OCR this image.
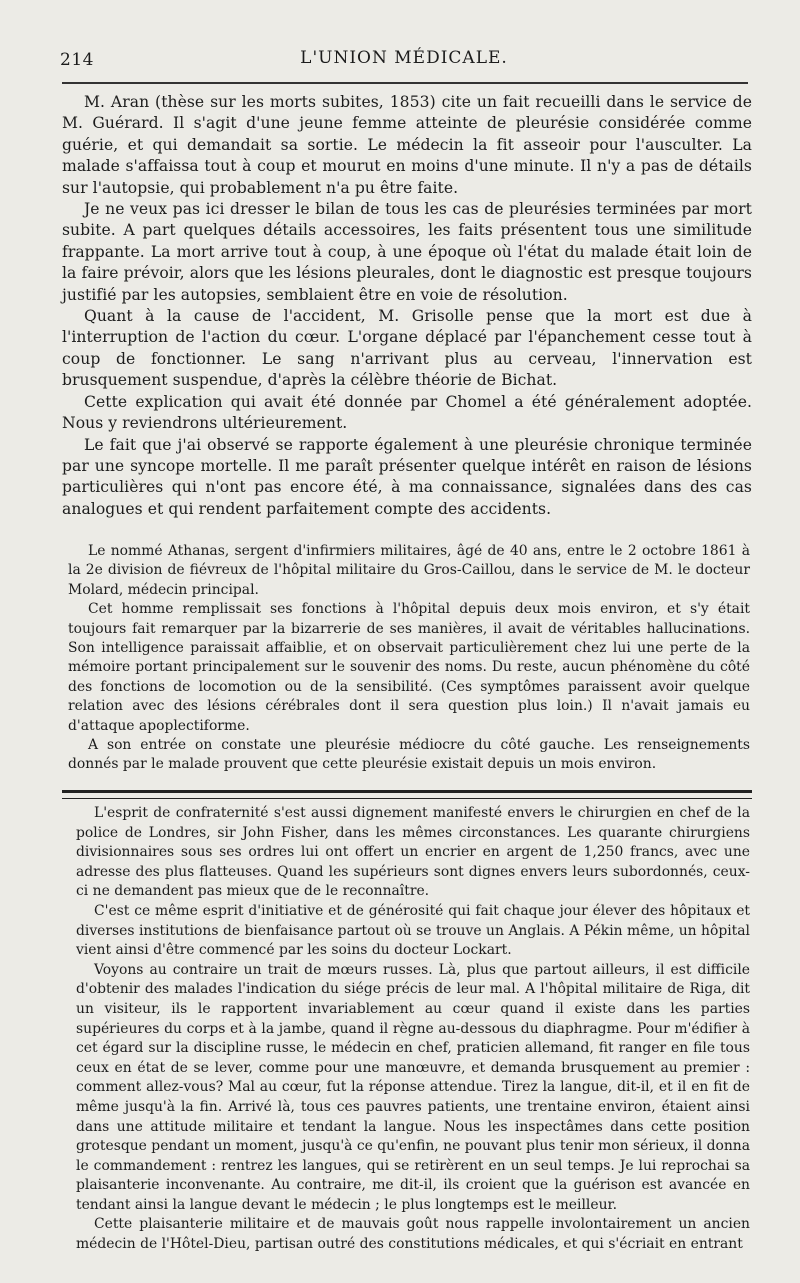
214	L'UNION MÉDICALE.

M. Aran (thèse sur les morts subites, 1853) cite un fait recueilli dans le service de M. Guérard. Il s'agit d'une jeune femme atteinte de pleurésie considérée comme guérie, et qui demandait sa sortie. Le médecin la fit asseoir pour l'ausculter. La malade s'affaissa tout à coup et mourut en moins d'une minute. Il n'y a pas de détails sur l'autopsie, qui probablement n'a pu être faite.

Je ne veux pas ici dresser le bilan de tous les cas de pleurésies terminées par mort subite. A part quelques détails accessoires, les faits présentent tous une similitude frappante. La mort arrive tout à coup, à une époque où l'état du malade était loin de la faire prévoir, alors que les lésions pleurales, dont le diagnostic est presque toujours justifié par les autopsies, semblaient être en voie de résolution.

Quant à la cause de l'accident, M. Grisolle pense que la mort est due à l'interruption de l'action du cœur. L'organe déplacé par l'épanchement cesse tout à coup de fonctionner. Le sang n'arrivant plus au cerveau, l'innervation est brusquement suspendue, d'après la célèbre théorie de Bichat.

Cette explication qui avait été donnée par Chomel a été généralement adoptée. Nous y reviendrons ultérieurement.

Le fait que j'ai observé se rapporte également à une pleurésie chronique terminée par une syncope mortelle. Il me paraît présenter quelque intérêt en raison de lésions particulières qui n'ont pas encore été, à ma connaissance, signalées dans des cas analogues et qui rendent parfaitement compte des accidents.

Le nommé Athanas, sergent d'infirmiers militaires, âgé de 40 ans, entre le 2 octobre 1861 à la 2e division de fiévreux de l'hôpital militaire du Gros-Caillou, dans le service de M. le docteur Molard, médecin principal.

Cet homme remplissait ses fonctions à l'hôpital depuis deux mois environ, et s'y était toujours fait remarquer par la bizarrerie de ses manières, il avait de véritables hallucinations. Son intelligence paraissait affaiblie, et on observait particulièrement chez lui une perte de la mémoire portant principalement sur le souvenir des noms. Du reste, aucun phénomène du côté des fonctions de locomotion ou de la sensibilité. (Ces symptômes paraissent avoir quelque relation avec des lésions cérébrales dont il sera question plus loin.) Il n'avait jamais eu d'attaque apoplectiforme.

A son entrée on constate une pleurésie médiocre du côté gauche. Les renseignements donnés par le malade prouvent que cette pleurésie existait depuis un mois environ.

L'esprit de confraternité s'est aussi dignement manifesté envers le chirurgien en chef de la police de Londres, sir John Fisher, dans les mêmes circonstances. Les quarante chirurgiens divisionnaires sous ses ordres lui ont offert un encrier en argent de 1,250 francs, avec une adresse des plus flatteuses. Quand les supérieurs sont dignes envers leurs subordonnés, ceux-ci ne demandent pas mieux que de le reconnaître.

C'est ce même esprit d'initiative et de générosité qui fait chaque jour élever des hôpitaux et diverses institutions de bienfaisance partout où se trouve un Anglais. A Pékin même, un hôpital vient ainsi d'être commencé par les soins du docteur Lockart.

Voyons au contraire un trait de mœurs russes. Là, plus que partout ailleurs, il est difficile d'obtenir des malades l'indication du siége précis de leur mal. A l'hôpital militaire de Riga, dit un visiteur, ils le rapportent invariablement au cœur quand il existe dans les parties supérieures du corps et à la jambe, quand il règne au-dessous du diaphragme. Pour m'édifier à cet égard sur la discipline russe, le médecin en chef, praticien allemand, fit ranger en file tous ceux en état de se lever, comme pour une manœuvre, et demanda brusquement au premier : comment allez-vous? Mal au cœur, fut la réponse attendue. Tirez la langue, dit-il, et il en fit de même jusqu'à la fin. Arrivé là, tous ces pauvres patients, une trentaine environ, étaient ainsi dans une attitude militaire et tendant la langue. Nous les inspectâmes dans cette position grotesque pendant un moment, jusqu'à ce qu'enfin, ne pouvant plus tenir mon sérieux, il donna le commandement : rentrez les langues, qui se retirèrent en un seul temps. Je lui reprochai sa plaisanterie inconvenante. Au contraire, me dit-il, ils croient que la guérison est avancée en tendant ainsi la langue devant le médecin ; le plus longtemps est le meilleur.

Cette plaisanterie militaire et de mauvais goût nous rappelle involontairement un ancien médecin de l'Hôtel-Dieu, partisan outré des constitutions médicales, et qui s'écriait en entrant
